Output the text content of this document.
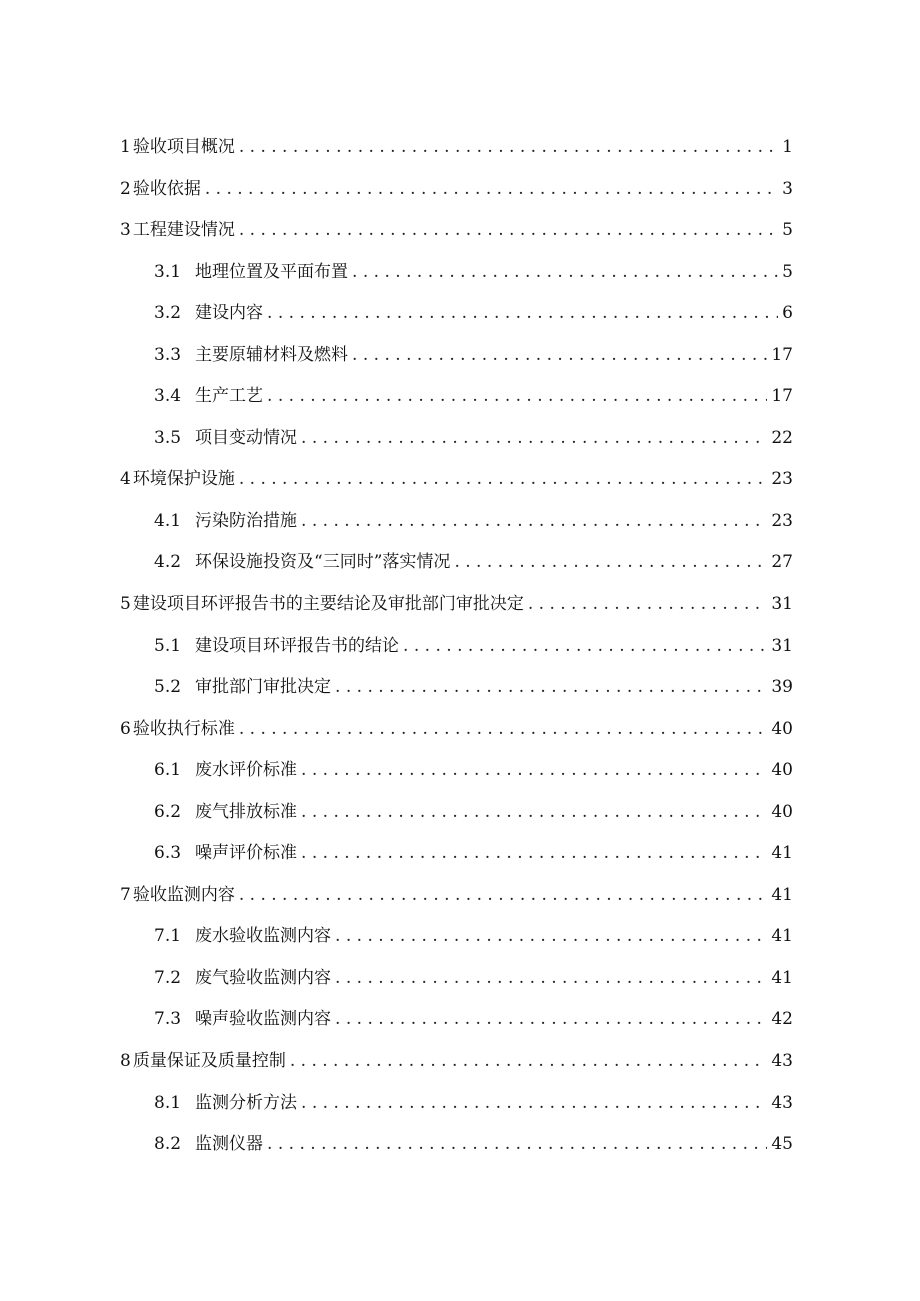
1 验收项目概况 . . .	1
2 验收依据 . . .	3
3 工程建设情况 . . .	5
3.1 地理位置及平面布置 . . .	5
3.2 建设内容 . . .	6
3.3 主要原辅材料及燃料 . . .	17
3.4 生产工艺 . . .	17
3.5 项目变动情况 . . .	22
4 环境保护设施 . . .	23
4.1 污染防治措施 . . .	23
4.2 环保设施投资及“三同时”落实情况 . . .	27
5 建设项目环评报告书的主要结论及审批部门审批决定 . . .	31
5.1 建设项目环评报告书的结论 . . .	31
5.2 审批部门审批决定 . . .	39
6 验收执行标准 . . .	40
6.1 废水评价标准 . . .	40
6.2 废气排放标准 . . .	40
6.3 噪声评价标准 . . .	41
7 验收监测内容 . . .	41
7.1 废水验收监测内容 . . .	41
7.2 废气验收监测内容 . . .	41
7.3 噪声验收监测内容 . . .	42
8 质量保证及质量控制 . . .	43
8.1 监测分析方法 . . .	43
8.2 监测仪器 . . .	45
